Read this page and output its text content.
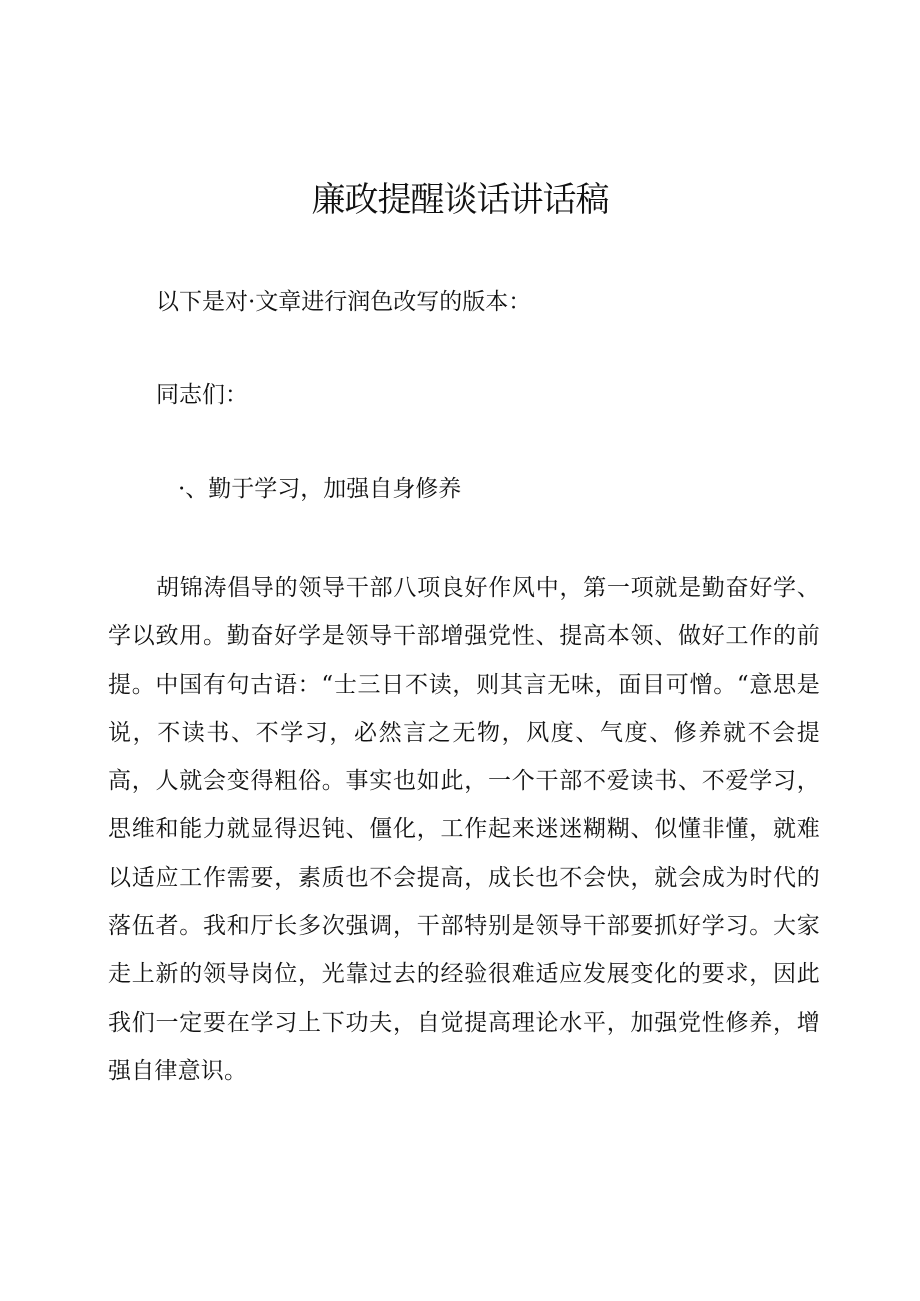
廉政提醒谈话讲话稿

以下是对·文章进行润色改写的版本：

同志们：

·、勤于学习，加强自身修养

胡锦涛倡导的领导干部八项良好作风中，第一项就是勤奋好学、学以致用。勤奋好学是领导干部增强党性、提高本领、做好工作的前提。中国有句古语：“士三日不读，则其言无味，面目可憎。“意思是说，不读书、不学习，必然言之无物，风度、气度、修养就不会提高，人就会变得粗俗。事实也如此，一个干部不爱读书、不爱学习，思维和能力就显得迟钝、僵化，工作起来迷迷糊糊、似懂非懂，就难以适应工作需要，素质也不会提高，成长也不会快，就会成为时代的落伍者。我和厅长多次强调，干部特别是领导干部要抓好学习。大家走上新的领导岗位，光靠过去的经验很难适应发展变化的要求，因此我们一定要在学习上下功夫，自觉提高理论水平，加强党性修养，增强自律意识。
